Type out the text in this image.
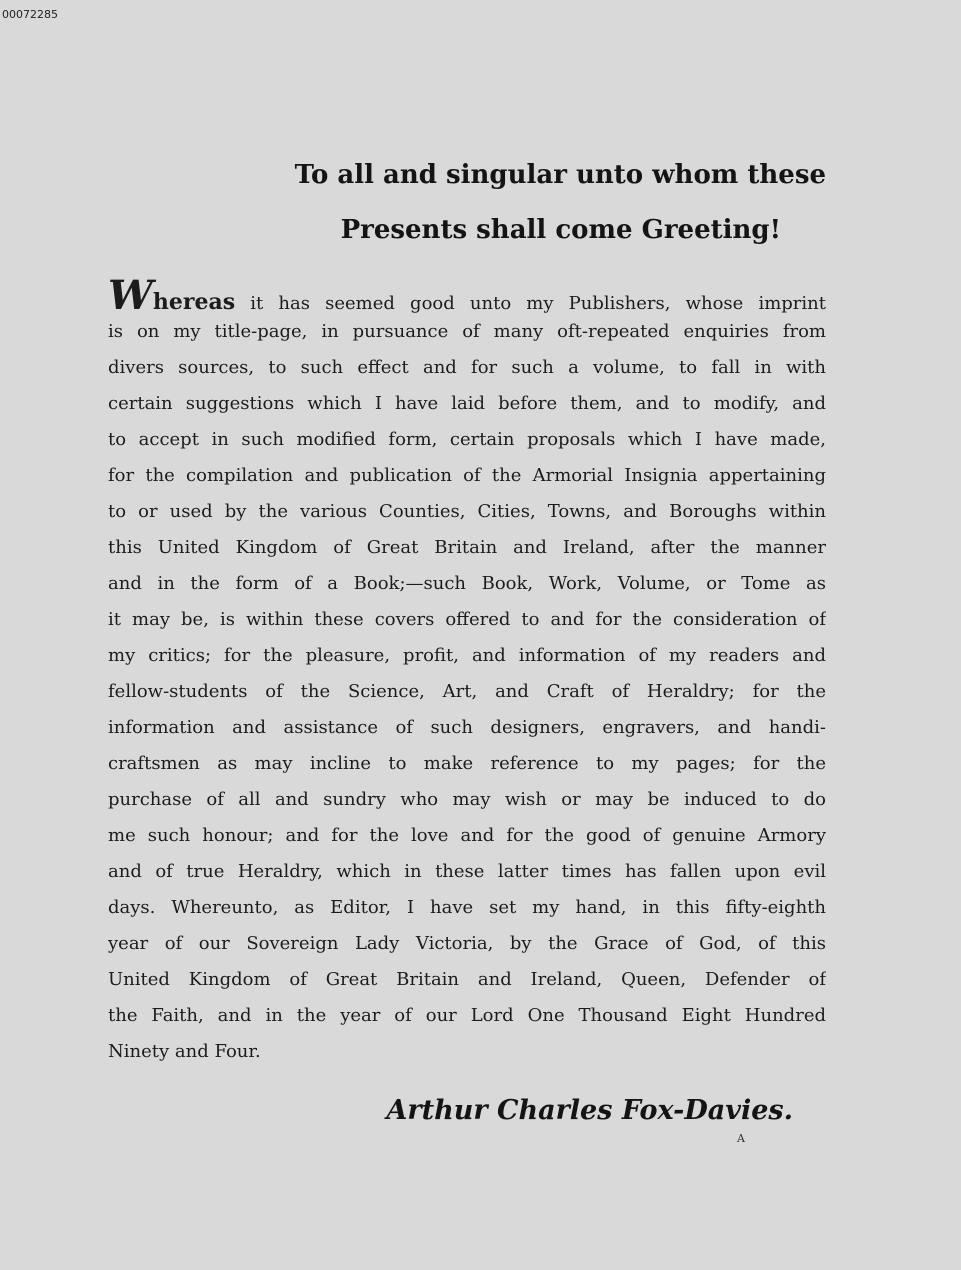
00072285
To all and singular unto whom these
Presents shall come Greeting!
Whereas it has seemed good unto my Publishers, whose imprint
is on my title-page, in pursuance of many oft-repeated enquiries from
divers sources, to such effect and for such a volume, to fall in with
certain suggestions which I have laid before them, and to modify, and
to accept in such modified form, certain proposals which I have made,
for the compilation and publication of the Armorial Insignia appertaining
to or used by the various Counties, Cities, Towns, and Boroughs within
this United Kingdom of Great Britain and Ireland, after the manner
and in the form of a Book;—such Book, Work, Volume, or Tome as
it may be, is within these covers offered to and for the consideration of
my critics; for the pleasure, profit, and information of my readers and
fellow-students of the Science, Art, and Craft of Heraldry; for the
information and assistance of such designers, engravers, and handi-
craftsmen as may incline to make reference to my pages; for the
purchase of all and sundry who may wish or may be induced to do
me such honour; and for the love and for the good of genuine Armory
and of true Heraldry, which in these latter times has fallen upon evil
days. Whereunto, as Editor, I have set my hand, in this fifty-eighth
year of our Sovereign Lady Victoria, by the Grace of God, of this
United Kingdom of Great Britain and Ireland, Queen, Defender of
the Faith, and in the year of our Lord One Thousand Eight Hundred
Ninety and Four.
Arthur Charles Fox-Davies.
A
